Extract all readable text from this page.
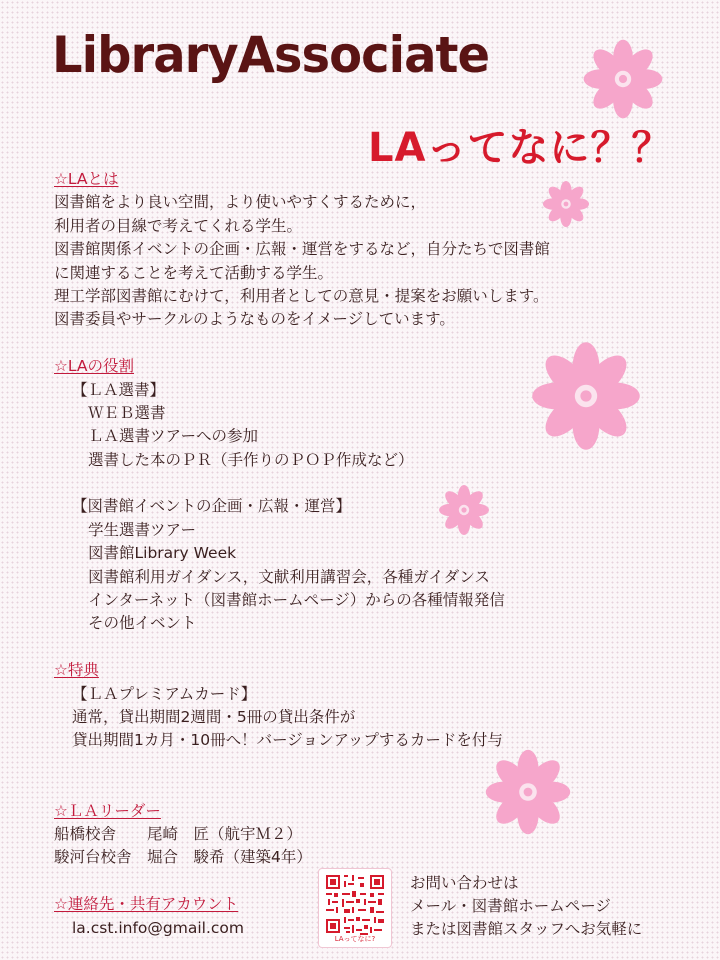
LibraryAssociate
LAってなに？？
☆LAとは
図書館をより良い空間，より使いやすくするために，
利用者の目線で考えてくれる学生。
図書館関係イベントの企画・広報・運営をするなど，自分たちで図書館
に関連することを考えて活動する学生。
理工学部図書館にむけて，利用者としての意見・提案をお願いします。
図書委員やサークルのようなものをイメージしています。
☆LAの役割
【ＬＡ選書】
ＷＥＢ選書
ＬＡ選書ツアーへの参加
選書した本のＰＲ（手作りのＰＯＰ作成など）
【図書館イベントの企画・広報・運営】
学生選書ツアー
図書館Library Week
図書館利用ガイダンス，文献利用講習会，各種ガイダンス
インターネット（図書館ホームページ）からの各種情報発信
その他イベント
☆特典
【ＬＡプレミアムカード】
通常，貸出期間2週間・5冊の貸出条件が
貸出期間1カ月・10冊へ！バージョンアップするカードを付与
☆ＬＡリーダー
船橋校舎　　尾崎　匠（航宇Ｍ２）
駿河台校舎　堀合　駿希（建築4年）
☆連絡先・共有アカウント
la.cst.info@gmail.com
LAってなに?
お問い合わせは
メール・図書館ホームページ
または図書館スタッフへお気軽に
